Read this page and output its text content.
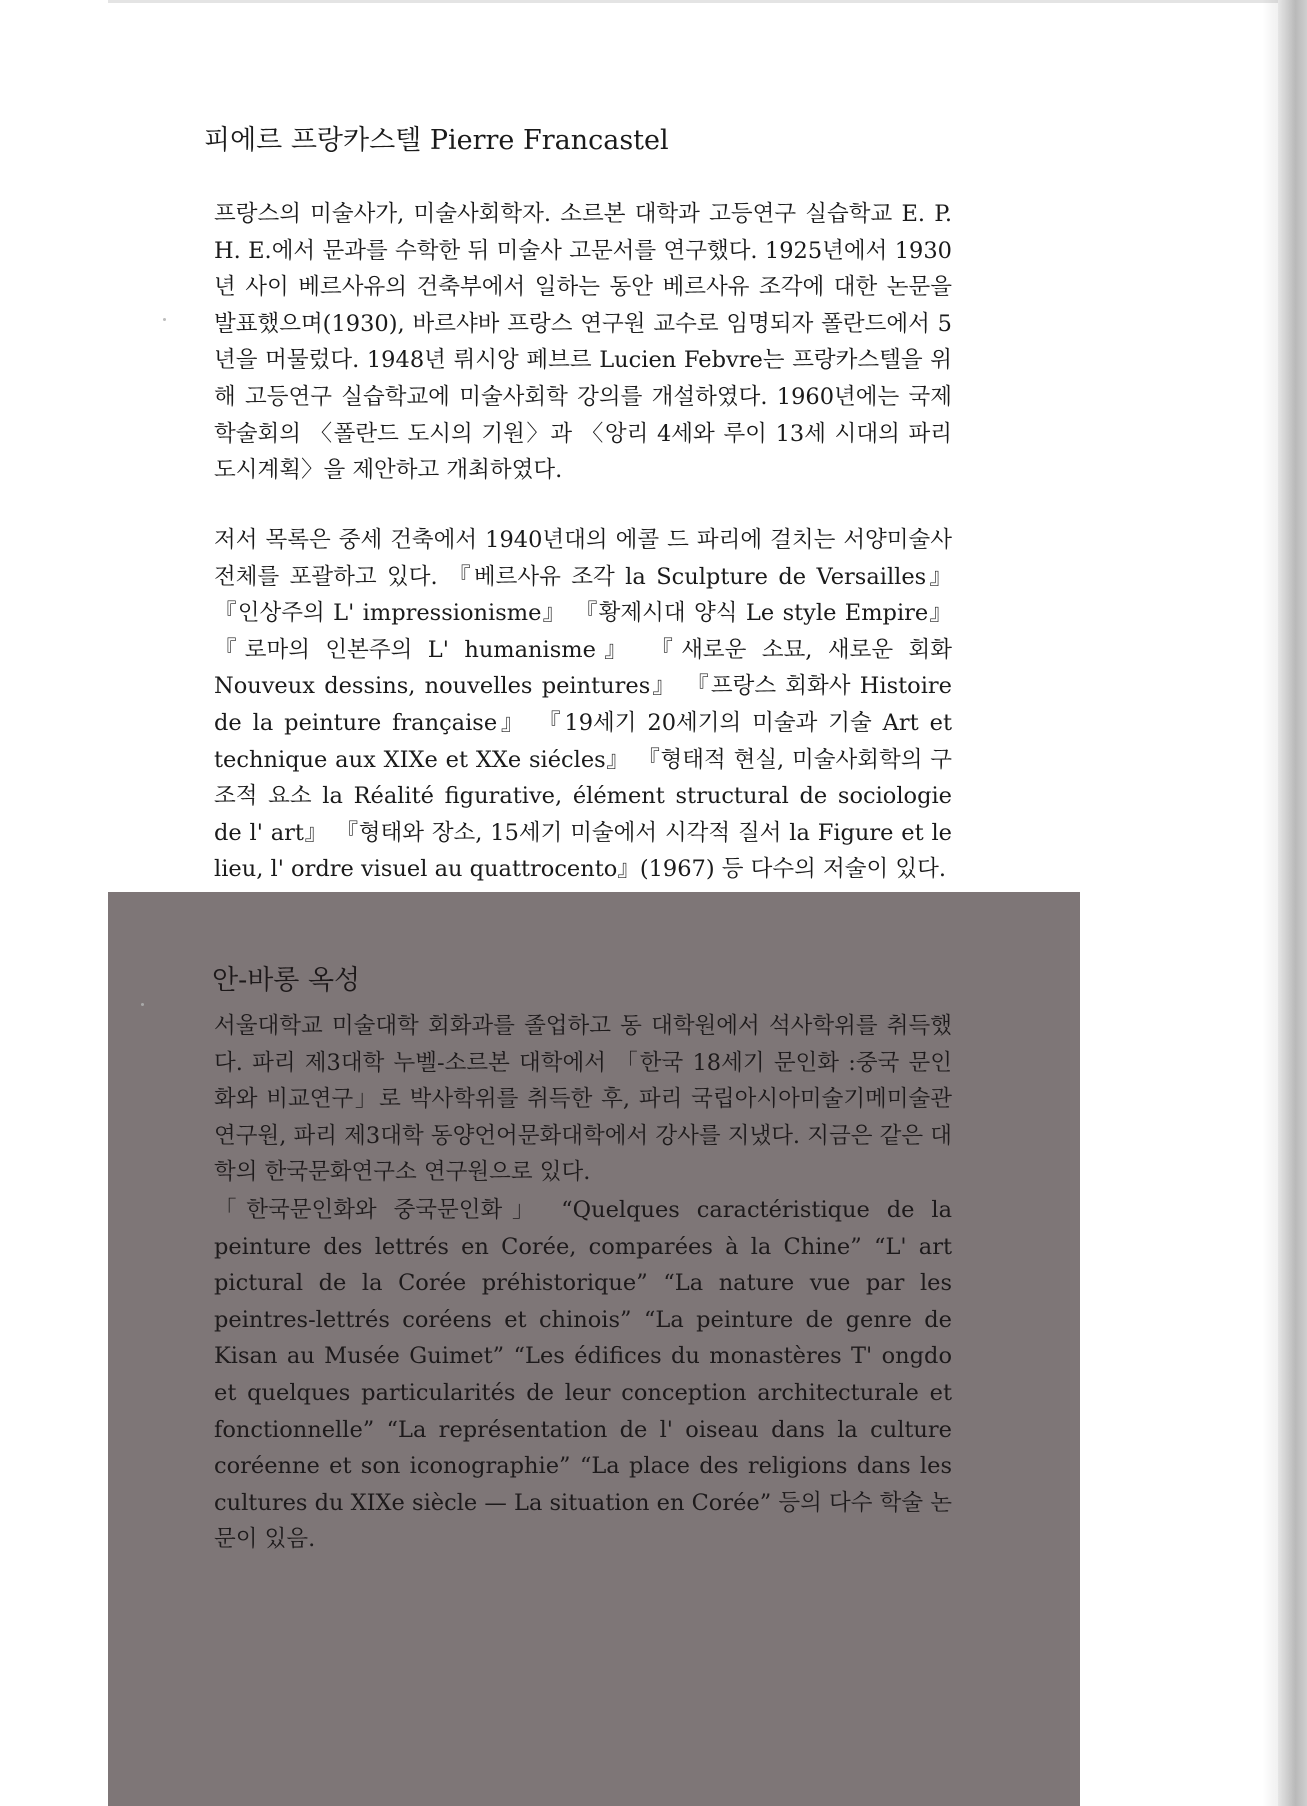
피에르 프랑카스텔 Pierre Francastel

프랑스의 미술사가, 미술사회학자. 소르본 대학과 고등연구 실습학교 E. P. H. E.에서 문과를 수학한 뒤 미술사 고문서를 연구했다. 1925년에서 1930년 사이 베르사유의 건축부에서 일하는 동안 베르사유 조각에 대한 논문을 발표했으며(1930), 바르샤바 프랑스 연구원 교수로 임명되자 폴란드에서 5년을 머물렀다. 1948년 뤼시앙 페브르 Lucien Febvre는 프랑카스텔을 위해 고등연구 실습학교에 미술사회학 강의를 개설하였다. 1960년에는 국제학술회의 〈폴란드 도시의 기원〉과 〈앙리 4세와 루이 13세 시대의 파리 도시계획〉을 제안하고 개최하였다.

저서 목록은 중세 건축에서 1940년대의 에콜 드 파리에 걸치는 서양미술사 전체를 포괄하고 있다. 『베르사유 조각 la Sculpture de Versailles』 『인상주의 L' impressionisme』 『황제시대 양식 Le style Empire』 『로마의 인본주의 L' humanisme』 『새로운 소묘, 새로운 회화 Nouveux dessins, nouvelles peintures』 『프랑스 회화사 Histoire de la peinture française』 『19세기 20세기의 미술과 기술 Art et technique aux XIXe et XXe siécles』 『형태적 현실, 미술사회학의 구조적 요소 la Réalité figurative, élément structural de sociologie de l' art』 『형태와 장소, 15세기 미술에서 시각적 질서 la Figure et le lieu, l' ordre visuel au quattrocento』(1967) 등 다수의 저술이 있다.

안-바롱 옥성

서울대학교 미술대학 회화과를 졸업하고 동 대학원에서 석사학위를 취득했다. 파리 제3대학 누벨-소르본 대학에서 「한국 18세기 문인화 :중국 문인화와 비교연구」로 박사학위를 취득한 후, 파리 국립아시아미술기메미술관 연구원, 파리 제3대학 동양언어문화대학에서 강사를 지냈다. 지금은 같은 대학의 한국문화연구소 연구원으로 있다.

「한국문인화와 중국문인화」 “Quelques caractéristique de la peinture des lettrés en Corée, comparées à la Chine” “L' art pictural de la Corée préhistorique” “La nature vue par les peintres-lettrés coréens et chinois” “La peinture de genre de Kisan au Musée Guimet” “Les édifices du monastères T' ongdo et quelques particularités de leur conception architecturale et fonctionnelle” “La représentation de l' oiseau dans la culture coréenne et son iconographie” “La place des religions dans les cultures du XIXe siècle — La situation en Corée” 등의 다수 학술 논문이 있음.
